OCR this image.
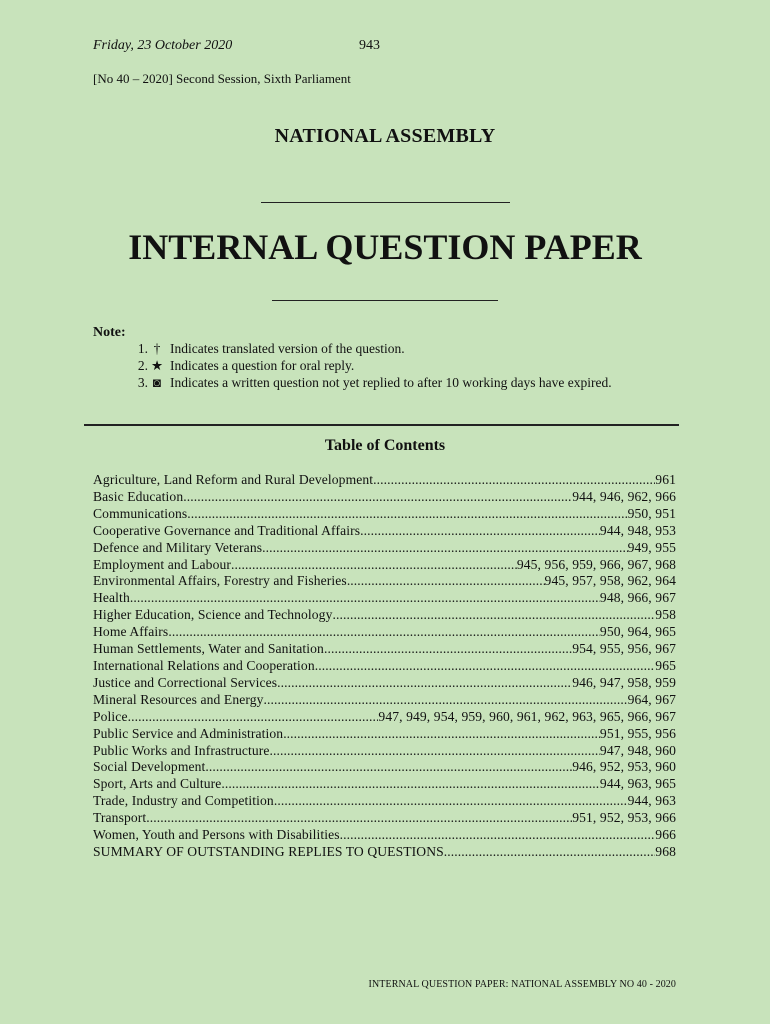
Friday, 23 October 2020	943
[No 40 – 2020] Second Session, Sixth Parliament
NATIONAL ASSEMBLY
INTERNAL QUESTION PAPER
Note:
1. † Indicates translated version of the question.
2. ★ Indicates a question for oral reply.
3. ◙ Indicates a written question not yet replied to after 10 working days have expired.
Table of Contents
Agriculture, Land Reform and Rural Development .....	961
Basic Education .....	944, 946, 962, 966
Communications .....	950, 951
Cooperative Governance and Traditional Affairs .....	944, 948, 953
Defence and Military Veterans .....	949, 955
Employment and Labour .....	945, 956, 959, 966, 967, 968
Environmental Affairs, Forestry and Fisheries .....	945, 957, 958, 962, 964
Health .....	948, 966, 967
Higher Education, Science and Technology .....	958
Home Affairs .....	950, 964, 965
Human Settlements, Water and Sanitation .....	954, 955, 956, 967
International Relations and Cooperation .....	965
Justice and Correctional Services .....	946, 947, 958, 959
Mineral Resources and Energy .....	964, 967
Police .....	947, 949, 954, 959, 960, 961, 962, 963, 965, 966, 967
Public Service and Administration .....	951, 955, 956
Public Works and Infrastructure .....	947, 948, 960
Social Development .....	946, 952, 953, 960
Sport, Arts and Culture .....	944, 963, 965
Trade, Industry and Competition .....	944, 963
Transport .....	951, 952, 953, 966
Women, Youth and Persons with Disabilities .....	966
SUMMARY OF OUTSTANDING REPLIES TO QUESTIONS .....	968
INTERNAL QUESTION PAPER: NATIONAL ASSEMBLY NO 40 - 2020
